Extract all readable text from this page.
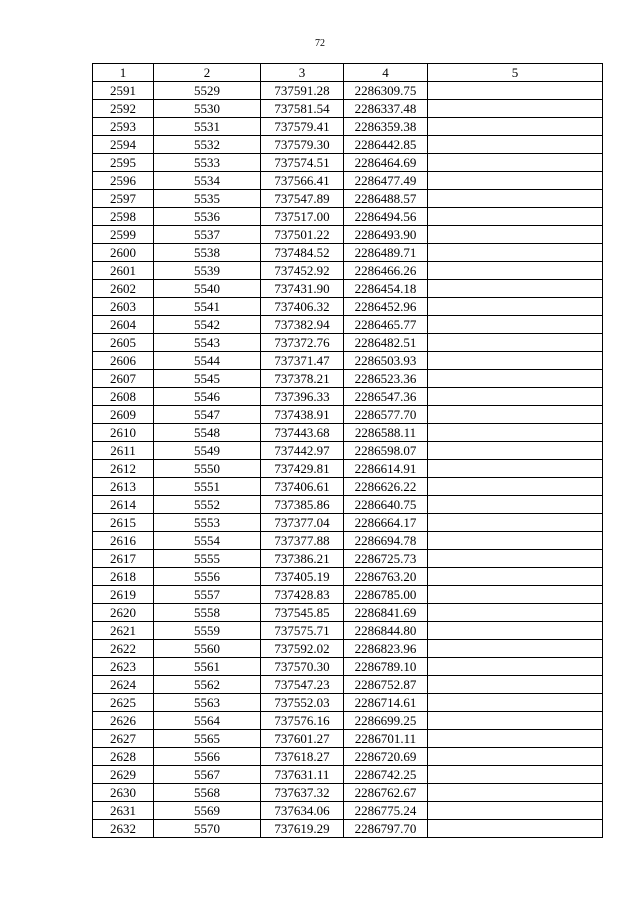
72
1	2	3	4	5
2591	5529	737591.28	2286309.75	
2592	5530	737581.54	2286337.48	
2593	5531	737579.41	2286359.38	
2594	5532	737579.30	2286442.85	
2595	5533	737574.51	2286464.69	
2596	5534	737566.41	2286477.49	
2597	5535	737547.89	2286488.57	
2598	5536	737517.00	2286494.56	
2599	5537	737501.22	2286493.90	
2600	5538	737484.52	2286489.71	
2601	5539	737452.92	2286466.26	
2602	5540	737431.90	2286454.18	
2603	5541	737406.32	2286452.96	
2604	5542	737382.94	2286465.77	
2605	5543	737372.76	2286482.51	
2606	5544	737371.47	2286503.93	
2607	5545	737378.21	2286523.36	
2608	5546	737396.33	2286547.36	
2609	5547	737438.91	2286577.70	
2610	5548	737443.68	2286588.11	
2611	5549	737442.97	2286598.07	
2612	5550	737429.81	2286614.91	
2613	5551	737406.61	2286626.22	
2614	5552	737385.86	2286640.75	
2615	5553	737377.04	2286664.17	
2616	5554	737377.88	2286694.78	
2617	5555	737386.21	2286725.73	
2618	5556	737405.19	2286763.20	
2619	5557	737428.83	2286785.00	
2620	5558	737545.85	2286841.69	
2621	5559	737575.71	2286844.80	
2622	5560	737592.02	2286823.96	
2623	5561	737570.30	2286789.10	
2624	5562	737547.23	2286752.87	
2625	5563	737552.03	2286714.61	
2626	5564	737576.16	2286699.25	
2627	5565	737601.27	2286701.11	
2628	5566	737618.27	2286720.69	
2629	5567	737631.11	2286742.25	
2630	5568	737637.32	2286762.67	
2631	5569	737634.06	2286775.24	
2632	5570	737619.29	2286797.70	
